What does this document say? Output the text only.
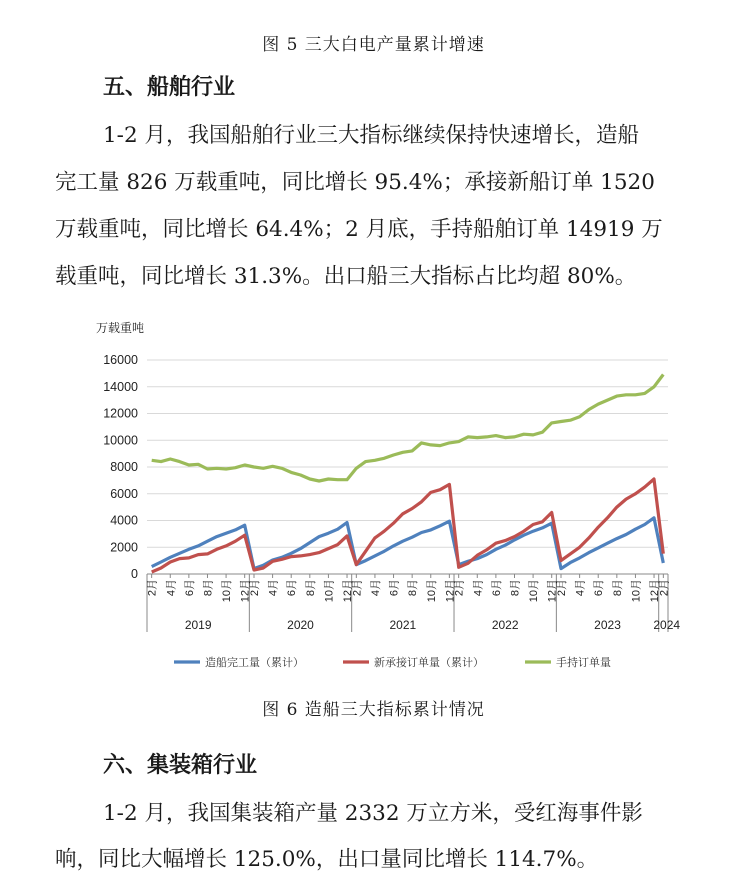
图 5 三大白电产量累计增速
五、船舶行业
1-2 月，我国船舶行业三大指标继续保持快速增长，造船
完工量 826 万载重吨，同比增长 95.4%；承接新船订单 1520
万载重吨，同比增长 64.4%；2 月底，手持船舶订单 14919 万
载重吨，同比增长 31.3%。出口船三大指标占比均超 80%。
万载重吨
0
2000
4000
6000
8000
10000
12000
14000
16000
2月 4月 6月 8月 10月 12月
2月 4月 6月 8月 10月 12月
2月 4月 6月 8月 10月 12月
2月 4月 6月 8月 10月 12月
2月 4月 6月 8月 10月 12月
2月
2019	2020	2021	2022	2023	2024
造船完工量（累计）	新承接订单量（累计）	手持订单量
图 6 造船三大指标累计情况
六、集装箱行业
1-2 月，我国集装箱产量 2332 万立方米，受红海事件影
响，同比大幅增长 125.0%，出口量同比增长 114.7%。
